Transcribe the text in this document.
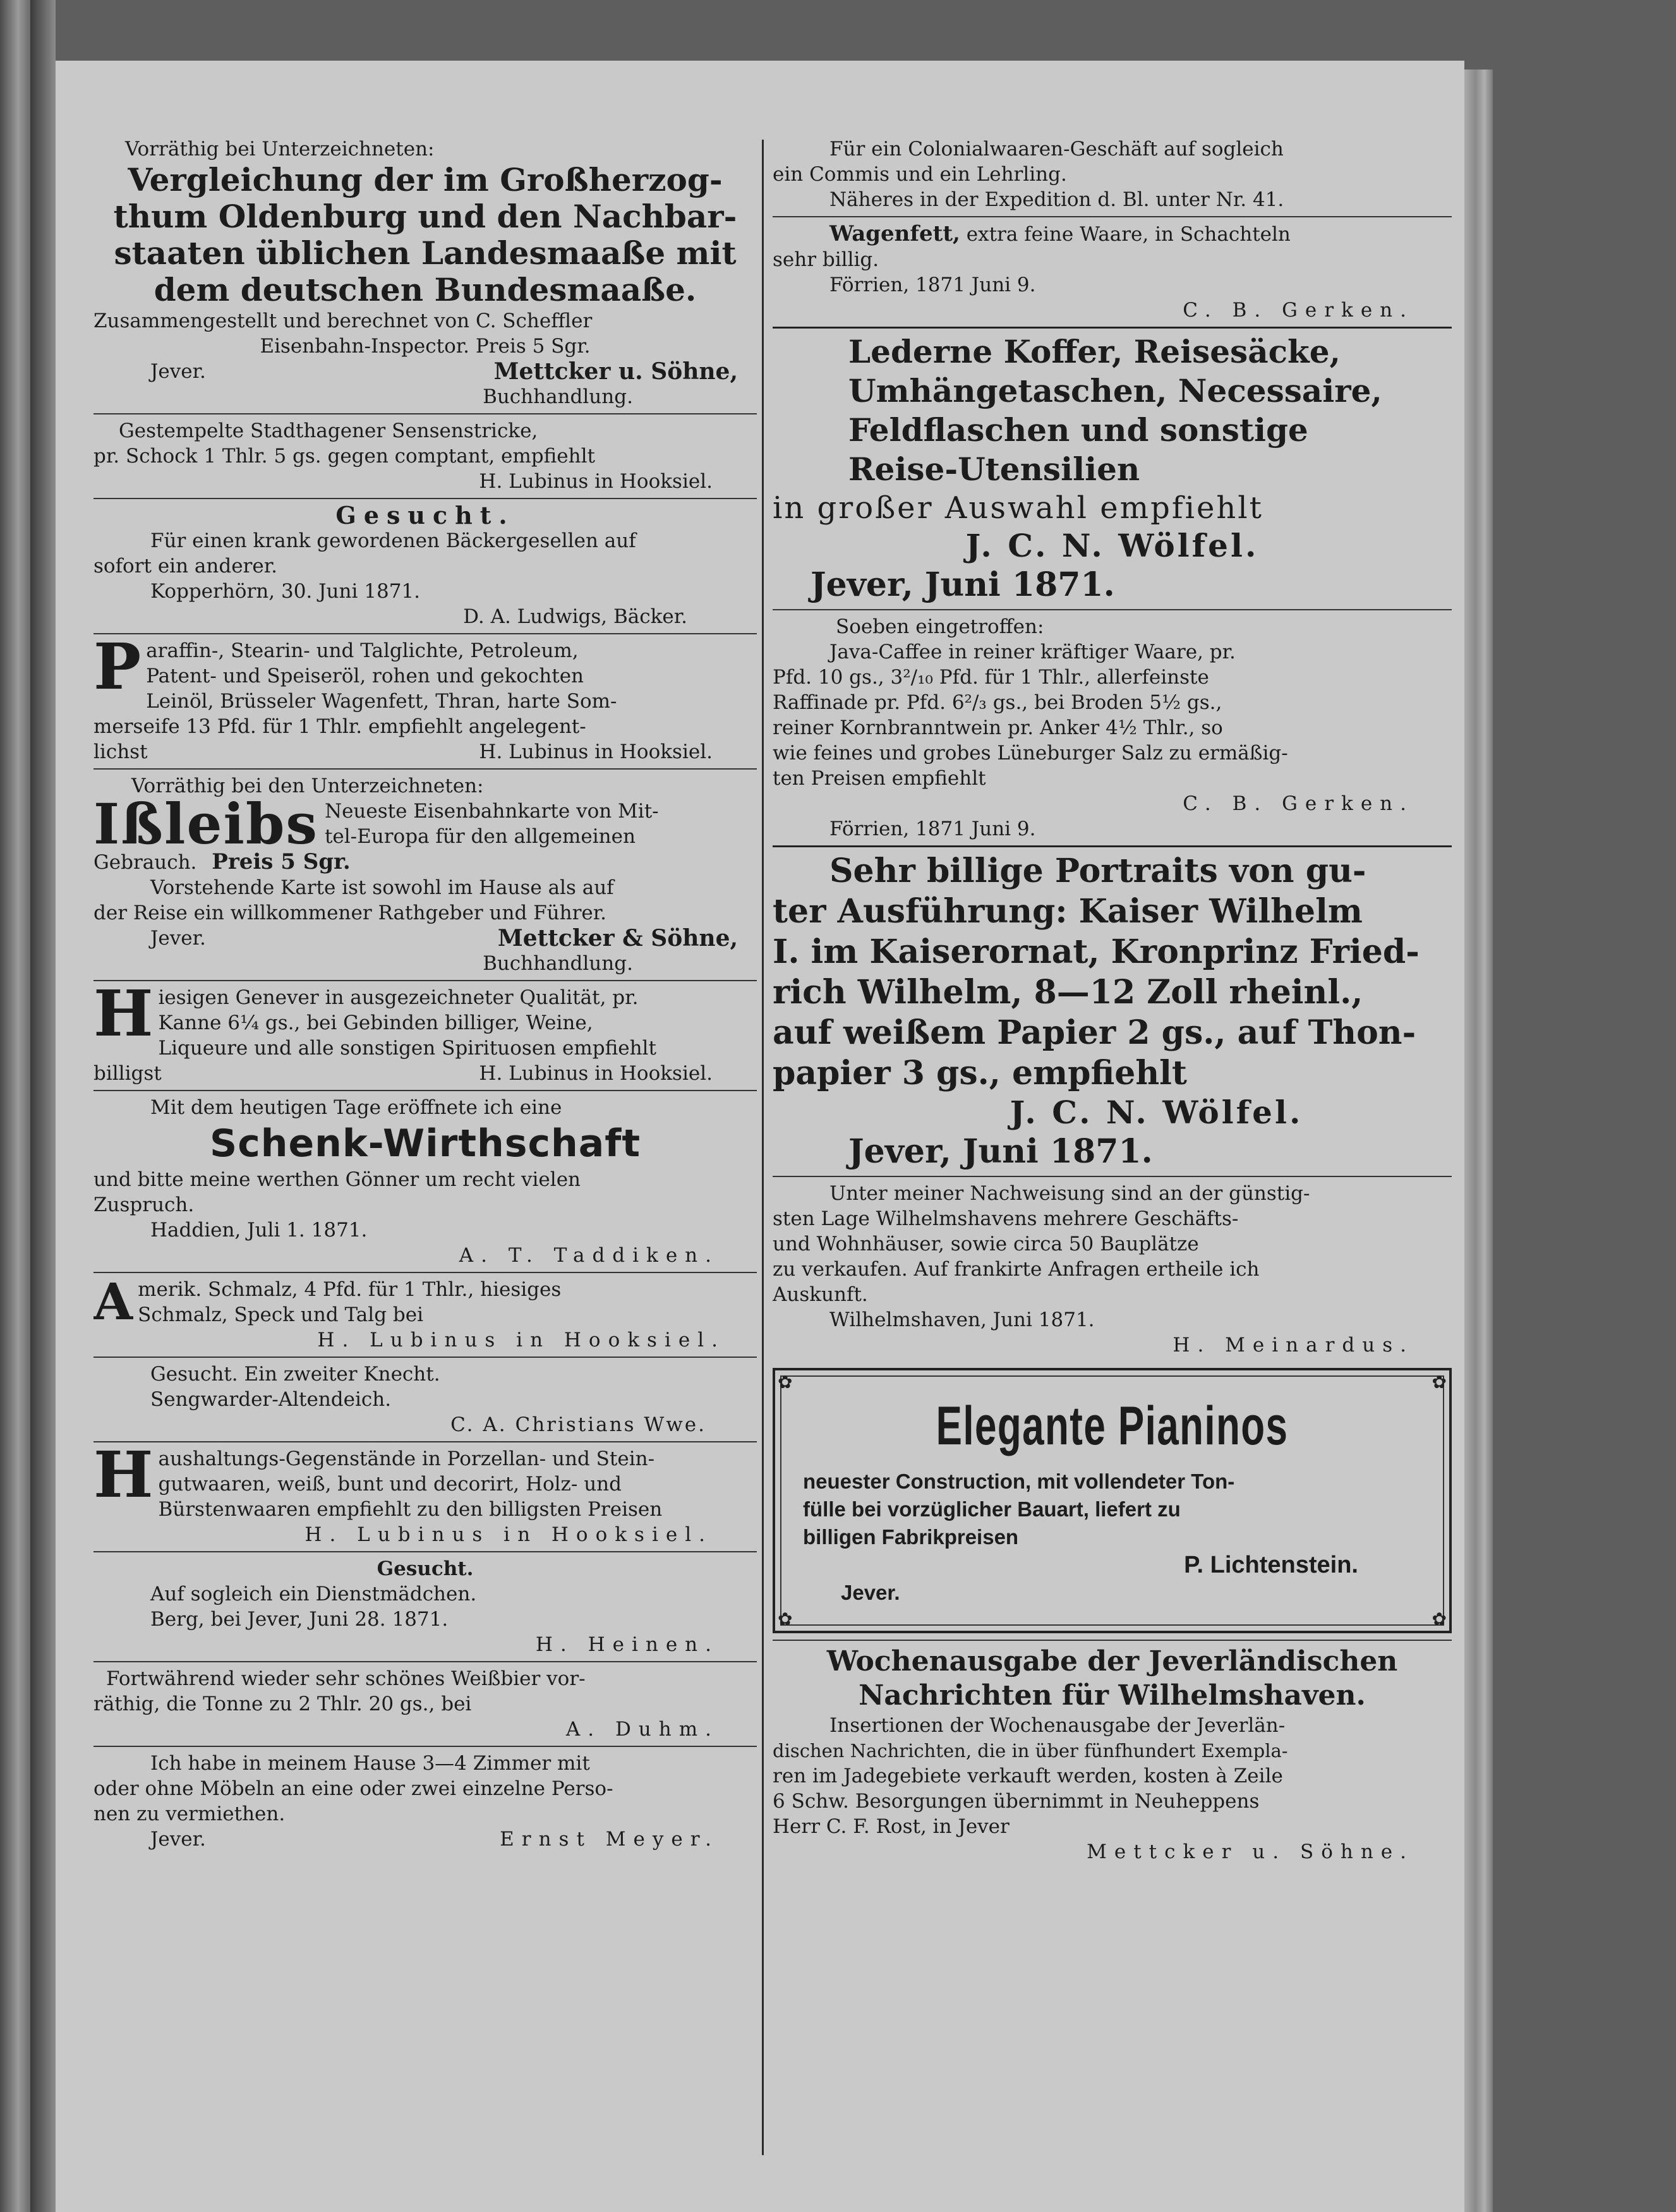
Vorräthig bei Unterzeichneten:
Vergleichung der im Großherzog-
thum Oldenburg und den Nachbar-
staaten üblichen Landesmaaße mit
dem deutschen Bundesmaaße.
Zusammengestellt und berechnet von C. Scheffler
Eisenbahn-Inspector. Preis 5 Sgr.
Jever.	Mettcker u. Söhne,
Buchhandlung.
Gestempelte Stadthagener Sensenstricke,
pr. Schock 1 Thlr. 5 gs. gegen comptant, empfiehlt
H. Lubinus in Hooksiel.
Gesucht.
Für einen krank gewordenen Bäckergesellen auf
sofort ein anderer.
Kopperhörn, 30. Juni 1871.
D. A. Ludwigs, Bäcker.
P araffin-, Stearin- und Talglichte, Petroleum,
Patent- und Speiseröl, rohen und gekochten
Leinöl, Brüsseler Wagenfett, Thran, harte Som-
merseife 13 Pfd. für 1 Thlr. empfiehlt angelegent-
lichst	H. Lubinus in Hooksiel.
Vorräthig bei den Unterzeichneten:
Ißleibs Neueste Eisenbahnkarte von Mit-
tel-Europa für den allgemeinen
Gebrauch. Preis 5 Sgr.
Vorstehende Karte ist sowohl im Hause als auf
der Reise ein willkommener Rathgeber und Führer.
Jever.	Mettcker & Söhne,
Buchhandlung.
H iesigen Genever in ausgezeichneter Qualität, pr.
Kanne 6¼ gs., bei Gebinden billiger, Weine,
Liqueure und alle sonstigen Spirituosen empfiehlt
billigst	H. Lubinus in Hooksiel.
Mit dem heutigen Tage eröffnete ich eine
Schenk-Wirthschaft
und bitte meine werthen Gönner um recht vielen
Zuspruch.
Haddien, Juli 1. 1871.
A. T. Taddiken.
A merik. Schmalz, 4 Pfd. für 1 Thlr., hiesiges
Schmalz, Speck und Talg bei
H. Lubinus in Hooksiel.
Gesucht. Ein zweiter Knecht.
Sengwarder-Altendeich.
C. A. Christians Wwe.
H aushaltungs-Gegenstände in Porzellan- und Stein-
gutwaaren, weiß, bunt und decorirt, Holz- und
Bürstenwaaren empfiehlt zu den billigsten Preisen
H. Lubinus in Hooksiel.
Gesucht.
Auf sogleich ein Dienstmädchen.
Berg, bei Jever, Juni 28. 1871.
H. Heinen.
Fortwährend wieder sehr schönes Weißbier vor-
räthig, die Tonne zu 2 Thlr. 20 gs., bei
A. Duhm.
Ich habe in meinem Hause 3—4 Zimmer mit
oder ohne Möbeln an eine oder zwei einzelne Perso-
nen zu vermiethen.
Jever.	Ernst Meyer.
Für ein Colonialwaaren-Geschäft auf sogleich
ein Commis und ein Lehrling.
Näheres in der Expedition d. Bl. unter Nr. 41.
Wagenfett, extra feine Waare, in Schachteln
sehr billig.
Förrien, 1871 Juni 9.
C. B. Gerken.
Lederne Koffer, Reisesäcke,
Umhängetaschen, Necessaire,
Feldflaschen und sonstige
Reise-Utensilien
in großer Auswahl empfiehlt
J. C. N. Wölfel.
Jever, Juni 1871.
Soeben eingetroffen:
Java-Caffee in reiner kräftiger Waare, pr.
Pfd. 10 gs., 3²/₁₀ Pfd. für 1 Thlr., allerfeinste
Raffinade pr. Pfd. 6²/₃ gs., bei Broden 5½ gs.,
reiner Kornbranntwein pr. Anker 4½ Thlr., so
wie feines und grobes Lüneburger Salz zu ermäßig-
ten Preisen empfiehlt
C. B. Gerken.
Förrien, 1871 Juni 9.
Sehr billige Portraits von gu-
ter Ausführung: Kaiser Wilhelm
I. im Kaiserornat, Kronprinz Fried-
rich Wilhelm, 8—12 Zoll rheinl.,
auf weißem Papier 2 gs., auf Thon-
papier 3 gs., empfiehlt
J. C. N. Wölfel.
Jever, Juni 1871.
Unter meiner Nachweisung sind an der günstig-
sten Lage Wilhelmshavens mehrere Geschäfts-
und Wohnhäuser, sowie circa 50 Bauplätze
zu verkaufen. Auf frankirte Anfragen ertheile ich
Auskunft.
Wilhelmshaven, Juni 1871.
H. Meinardus.
✿	✿
✿	✿
Elegante Pianinos
neuester Construction, mit vollendeter Ton-
fülle bei vorzüglicher Bauart, liefert zu
billigen Fabrikpreisen
P. Lichtenstein.
Jever.
Wochenausgabe der Jeverländischen
Nachrichten für Wilhelmshaven.
Insertionen der Wochenausgabe der Jeverlän-
dischen Nachrichten, die in über fünfhundert Exempla-
ren im Jadegebiete verkauft werden, kosten à Zeile
6 Schw. Besorgungen übernimmt in Neuheppens
Herr C. F. Rost, in Jever
Mettcker u. Söhne.
